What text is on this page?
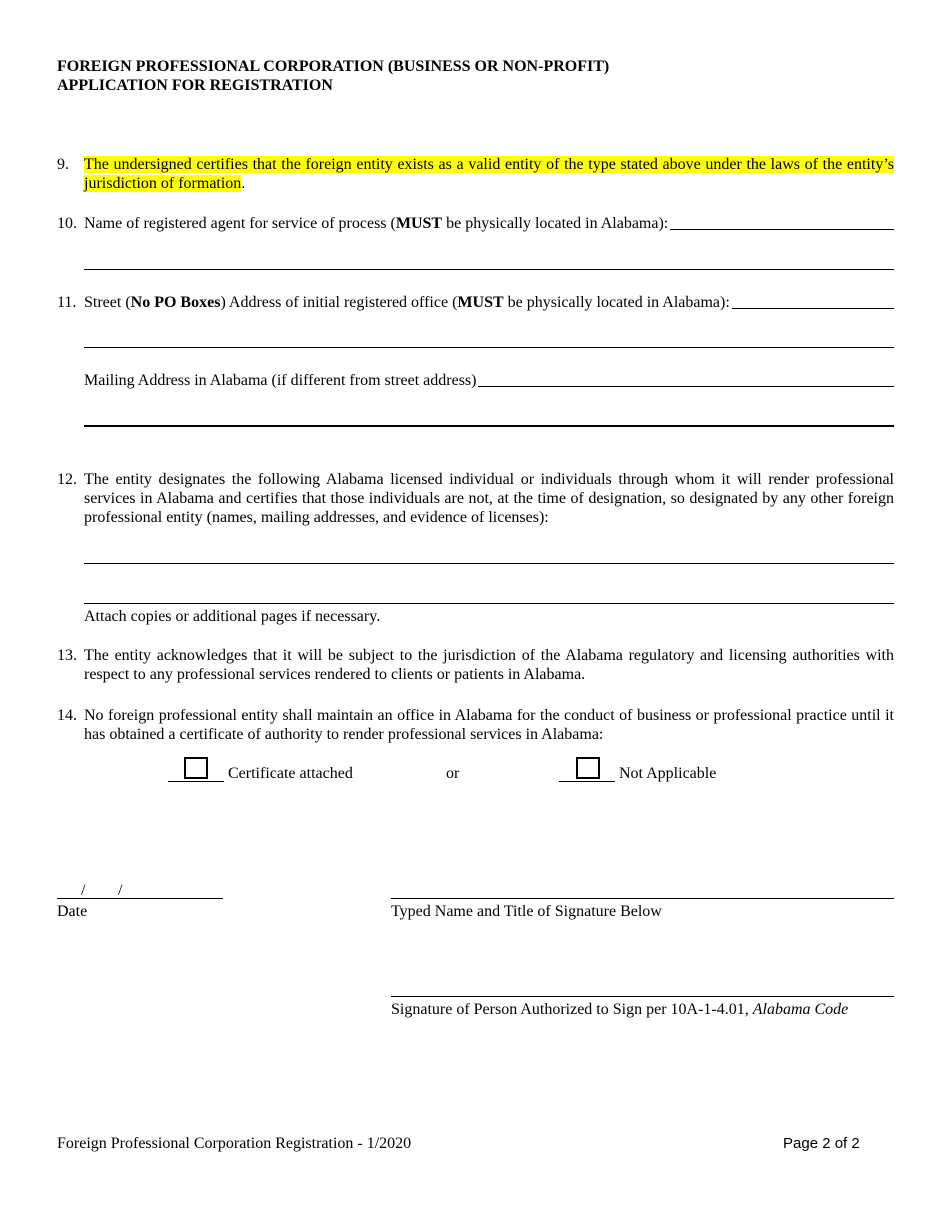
FOREIGN PROFESSIONAL CORPORATION (BUSINESS OR NON-PROFIT)
APPLICATION FOR REGISTRATION
9. The undersigned certifies that the foreign entity exists as a valid entity of the type stated above under the laws of the entity’s jurisdiction of formation.
10. Name of registered agent for service of process (MUST be physically located in Alabama):
11. Street (No PO Boxes) Address of initial registered office (MUST be physically located in Alabama):
Mailing Address in Alabama (if different from street address)
12. The entity designates the following Alabama licensed individual or individuals through whom it will render professional services in Alabama and certifies that those individuals are not, at the time of designation, so designated by any other foreign professional entity (names, mailing addresses, and evidence of licenses):
Attach copies or additional pages if necessary.
13. The entity acknowledges that it will be subject to the jurisdiction of the Alabama regulatory and licensing authorities with respect to any professional services rendered to clients or patients in Alabama.
14. No foreign professional entity shall maintain an office in Alabama for the conduct of business or professional practice until it has obtained a certificate of authority to render professional services in Alabama:
Certificate attached	or	Not Applicable
/ /
Date	Typed Name and Title of Signature Below
Signature of Person Authorized to Sign per 10A-1-4.01, Alabama Code
Foreign Professional Corporation Registration - 1/2020	Page 2 of 2
